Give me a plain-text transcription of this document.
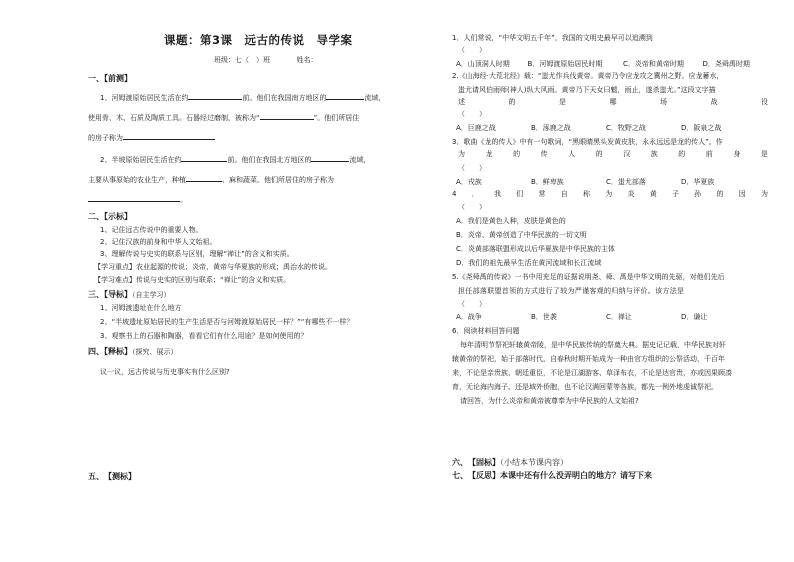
课题：第3课　远古的传说　导学案
班级：七（　）班	姓名：
一、【前测】
1、河姆渡原始居民生活在约	前。他们在我国南方地区的	流域，
使用骨、木、石质及陶质工具。石器经过磨制，被称为“	”。他们所居住
的房子称为
2、半坡原始居民生活在约	前。他们在我国北方地区的	流域，
主要从事原始的农业生产，种植	、麻和蔬菜。他们所居住的房子称为
。
二、【示标】
1、记住远古传说中的重要人物。
2、记住汉族的前身和中华人文始祖。
3、理解传说与史实的联系与区别，理解“禅让”的含义和实质。
【学习重点】农业起源的传说；炎帝、黄帝与华夏族的形成；禹治水的传说。
【学习难点】传说与史实的区别与联系；“禅让”的含义和实质。
三、【导标】（自主学习）
1、河姆渡遗址在什么地方
2、“半坡遗址原始居民的生产生活是否与河姆渡原始居民一样？”“有哪些不一样？
3、观察书上的石器和陶器，看看它们有什么用途？是如何使用的？
四、【释标】（探究、展示）
议一议，远古传说与历史事实有什么区别?
五、　【测标】
1．人们常说，“中华文明五千年”，我国的文明史最早可以追溯到
（　　）
A．山顶洞人时期	B．河姆渡原始居民时期	C．炎帝和黄帝时期	D．尧舜禹时期
2.《山海经·大荒北经》载：“蚩尤作兵伐黄帝。黄帝乃令应龙攻之冀州之野。应龙蓄水，
蚩尤请风伯雨师(神人)纵大风雨。黄帝乃下天女曰魃，雨止，遂杀蚩尤。”这段文字描
述	的	是	哪	场	战	役
（　　）
A．巨鹿之战	B．涿鹿之战	C．牧野之战	D．阪泉之战
3．歌曲《龙的传人》中有一句歌词，“黑眼睛黑头发黄皮肤，永永远远是龙的传人”。作
为	龙	的	传	人	的	汉	族	的	前	身	是
（　　）
A．戎族	B．鲜卑族	C．蚩尤部落	D．华夏族
4 ． 我 们 常 自 称 为 炎 黄 子 孙 的 因 为
（　　）
A．我们是黄色人种，皮肤是黄色的
B．炎帝、黄帝创造了中华民族的一切文明
C．炎黄部落联盟形成以后华夏族是中华民族的主体
D．我们的祖先最早生活在黄河流域和长江流域
5.《尧舜禹的传说》一书中用充足的证据说明尧、舜、禹是中华文明的先驱，对他们先后
担任部落联盟首领的方式进行了较为严谨客观的归纳与评价。该方法是
（　　）
A．战争	B．世袭	C．禅让	D．谦让
6．阅读材料回答问题
每年清明节祭祀轩辕黄帝陵，是中华民族传统的祭奠大典。据史记记载，中华民族对轩
辕黄帝的祭祀，始于部落时代，自春秋时期开始成为一种由官方组织的公祭活动，千百年
来，不论是亲贵族、朝廷重臣，不论是江湖游客、草泽布衣，不论是达官贵，亦或因果顾凑
育，无论海内海子、还是域外侨胞，也不论汉满回蒙等各族，都先一例外地虔诚祭祀。
请回答，为什么炎帝和黄帝被尊奉为中华民族的人文始祖?
六、　【固标】（小结本节课内容）
七、　【反思】本课中还有什么没弄明白的地方？请写下来
